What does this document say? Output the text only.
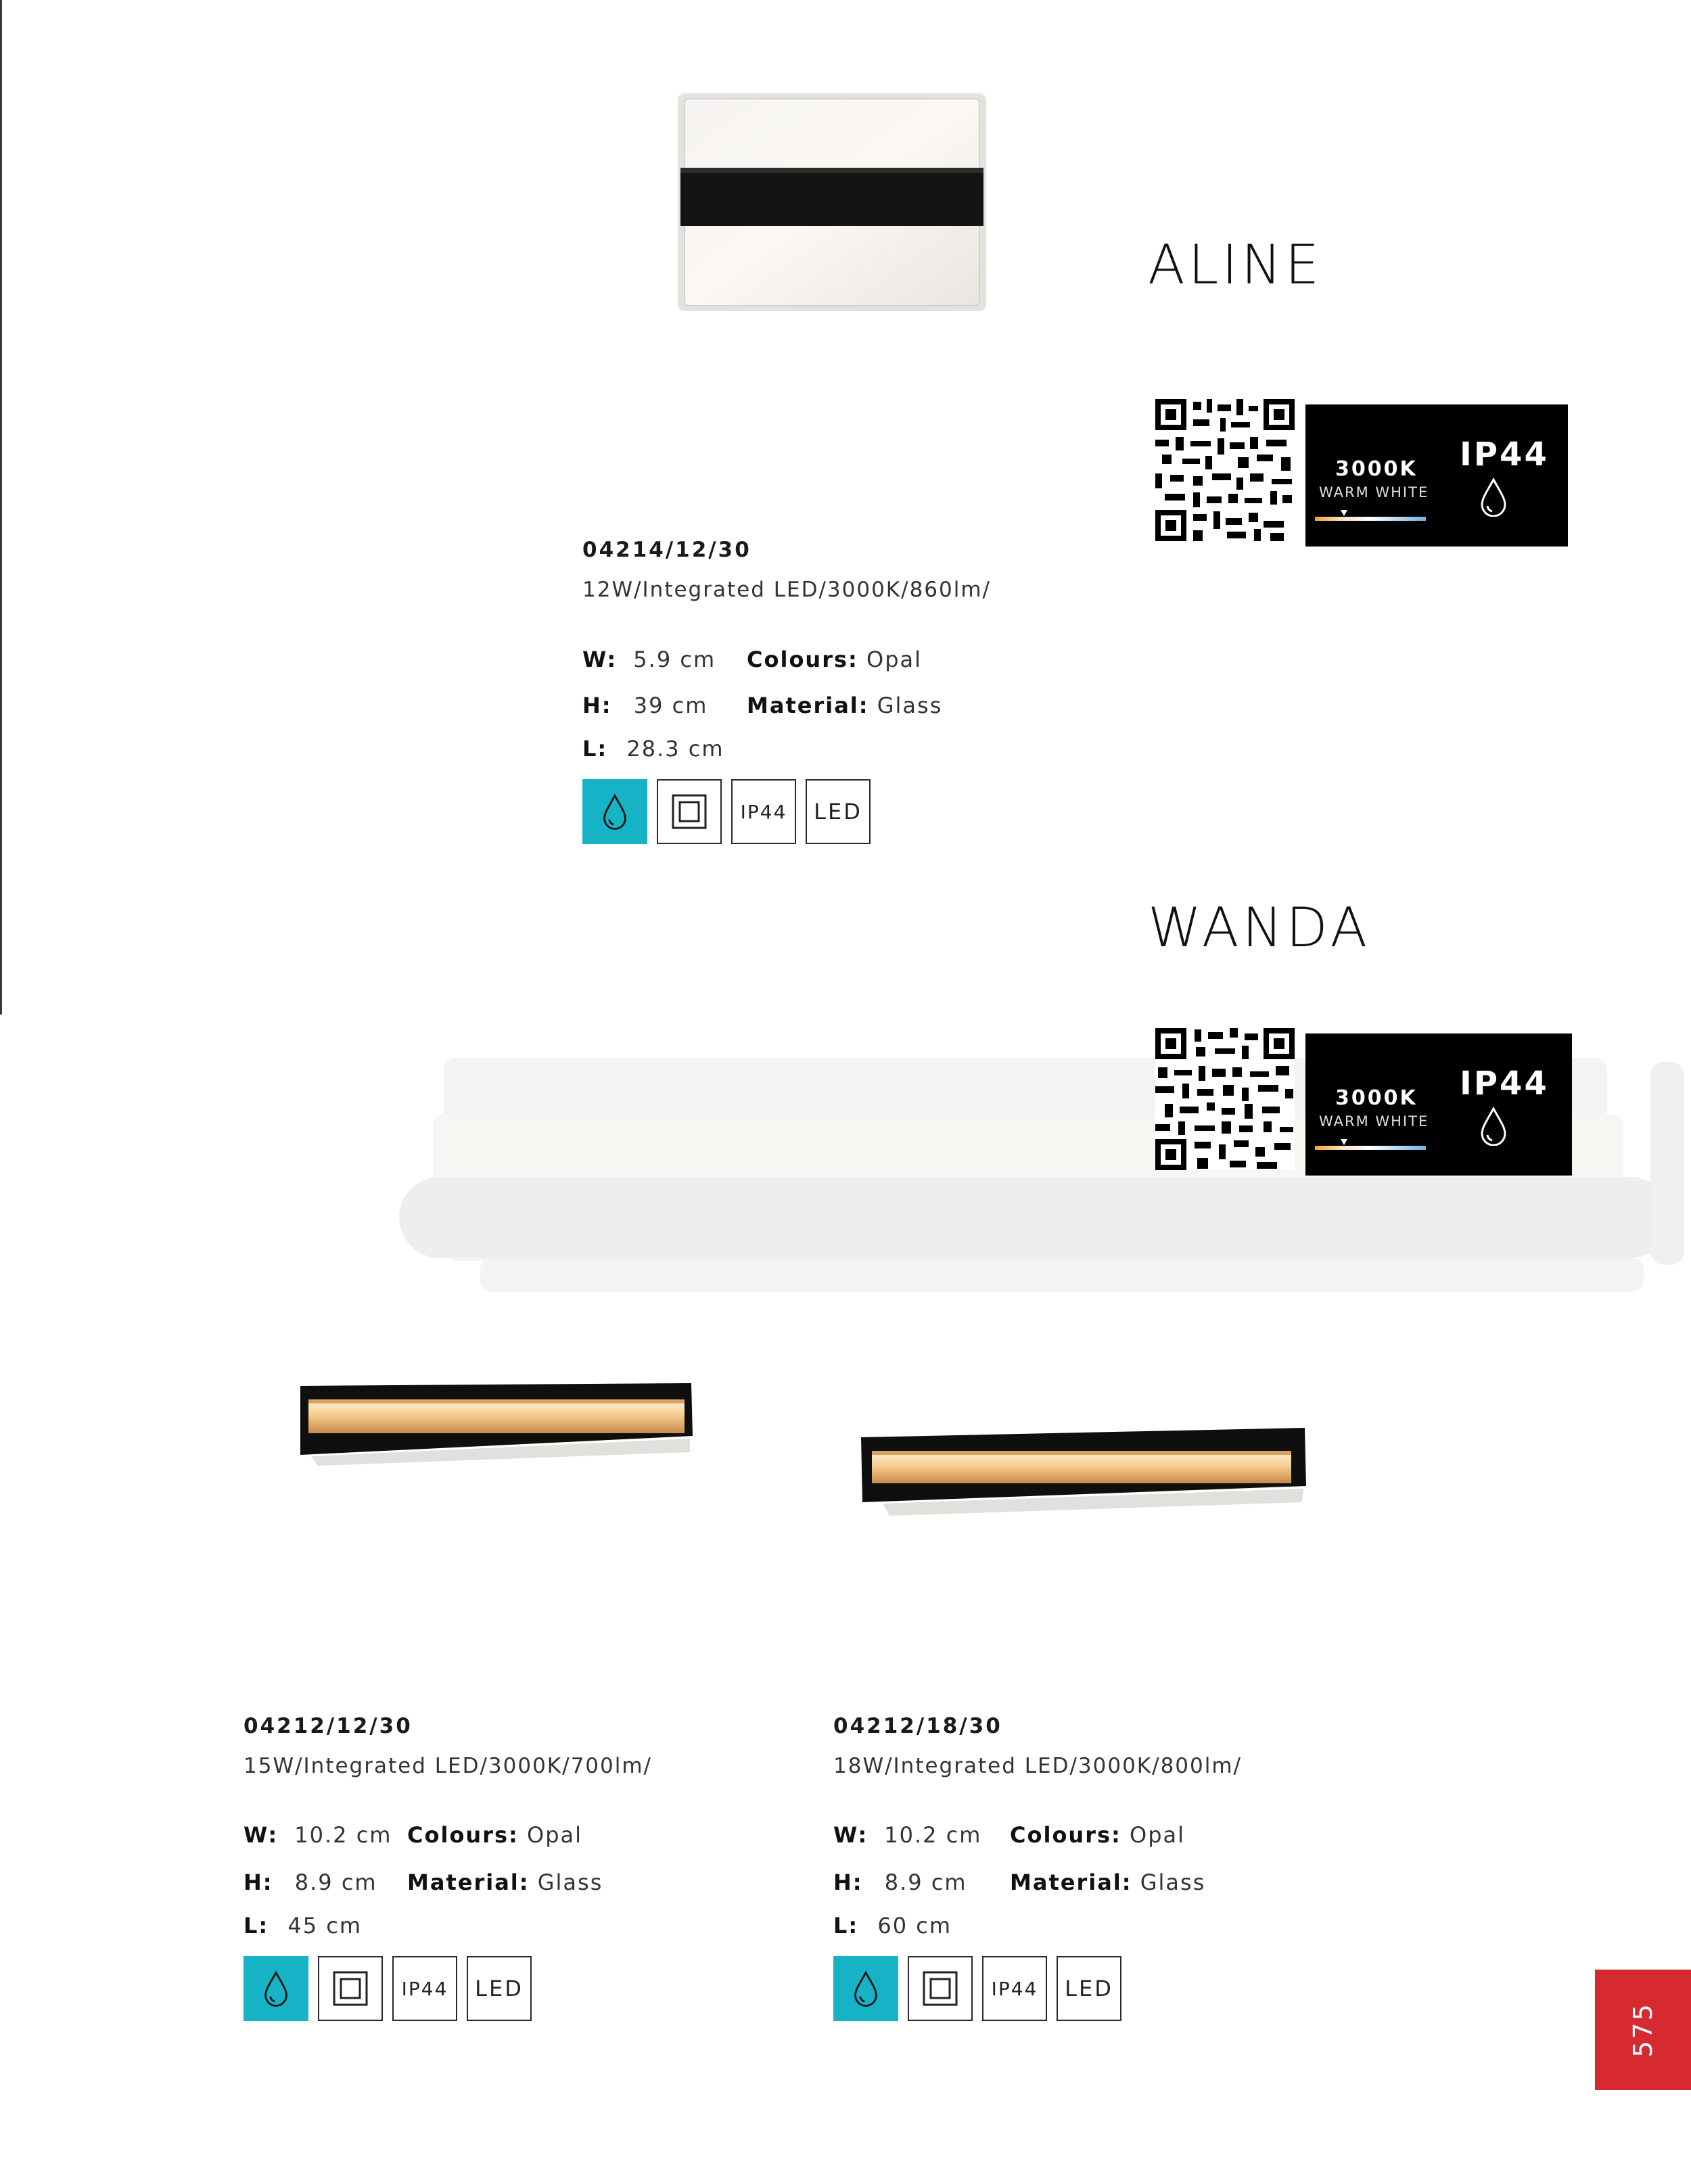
ALINE
3000K
WARM WHITE
IP44
04214/12/30
12W/Integrated LED/3000K/860lm/
W: 5.9 cm Colours: Opal
H: 39 cm Material: Glass
L: 28.3 cm
IP44	LED
WANDA
3000K
WARM WHITE
IP44
04212/12/30
15W/Integrated LED/3000K/700lm/
W: 10.2 cm Colours: Opal
H: 8.9 cm Material: Glass
L: 45 cm
IP44	LED
04212/18/30
18W/Integrated LED/3000K/800lm/
W: 10.2 cm Colours: Opal
H: 8.9 cm Material: Glass
L: 60 cm
IP44	LED
575
